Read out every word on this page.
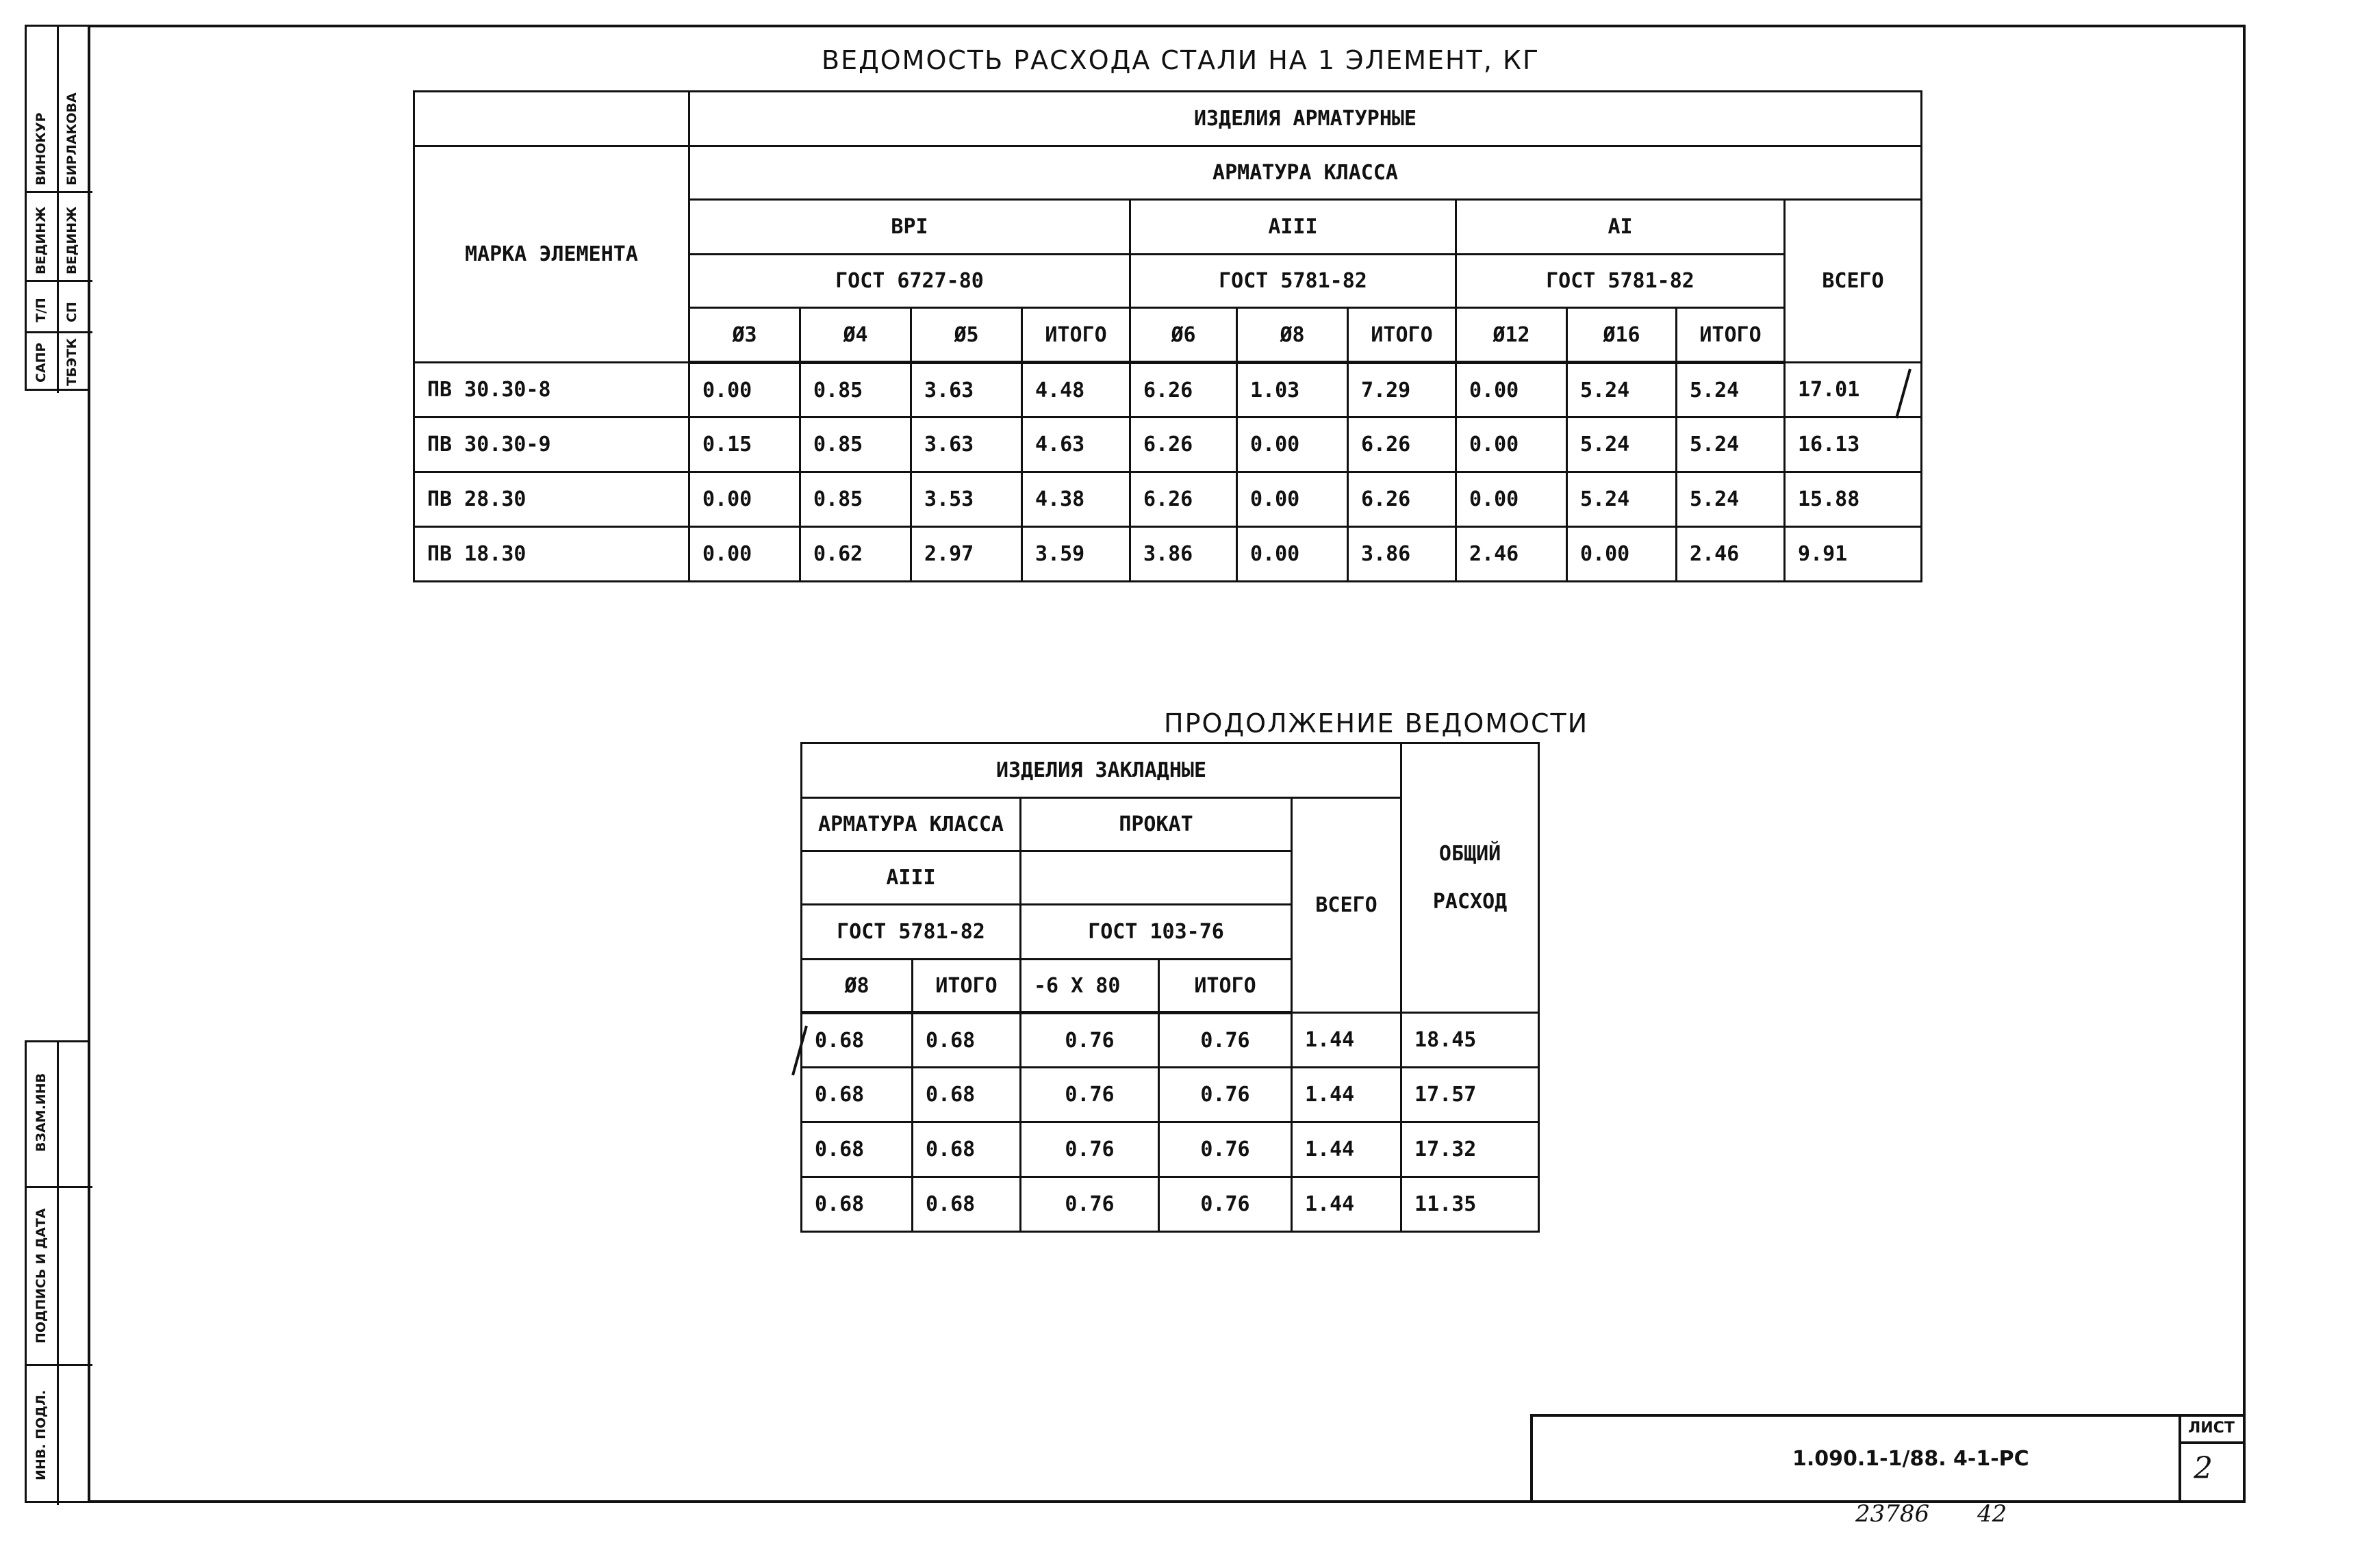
САПР
Т/П
ВЕДИНЖ
ВИНОКУР
ТБЭТК
СП
ВЕДИНЖ
БИРЛАКОВА
ВЗАМ.ИНВ
ПОДПИСЬ И ДАТА
ИНВ. ПОДЛ.
ВЕДОМОСТЬ РАСХОДА СТАЛИ НА 1 ЭЛЕМЕНТ, КГ
	ИЗДЕЛИЯ АРМАТУРНЫЕ										
МАРКА ЭЛЕМЕНТА	АРМАТУРА КЛАССА										
	ВРI				АIII			АI			ВСЕГО
	ГОСТ 6727-80				ГОСТ 5781-82			ГОСТ 5781-82			
	Ø3	Ø4	Ø5	ИТОГО	Ø6	Ø8	ИТОГО	Ø12	Ø16	ИТОГО	
ПВ 30.30-8	0.00	0.85	3.63	4.48	6.26	1.03	7.29	0.00	5.24	5.24	17.01
ПВ 30.30-9	0.15	0.85	3.63	4.63	6.26	0.00	6.26	0.00	5.24	5.24	16.13
ПВ 28.30	0.00	0.85	3.53	4.38	6.26	0.00	6.26	0.00	5.24	5.24	15.88
ПВ 18.30	0.00	0.62	2.97	3.59	3.86	0.00	3.86	2.46	0.00	2.46	9.91
ПРОДОЛЖЕНИЕ ВЕДОМОСТИ
ИЗДЕЛИЯ ЗАКЛАДНЫЕ					ОБЩИЙ

РАСХОД
АРМАТУРА КЛАССА		ПРОКАТ		ВСЕГО	
АIII					
ГОСТ 5781-82		ГОСТ 103-76			
Ø8	ИТОГО	-6 Х 80	ИТОГО		
0.68	0.68	0.76	0.76	1.44	18.45
0.68	0.68	0.76	0.76	1.44	17.57
0.68	0.68	0.76	0.76	1.44	17.32
0.68	0.68	0.76	0.76	1.44	11.35
ЛИСТ
2
1.090.1-1/88. 4-1-РС
23786 42
